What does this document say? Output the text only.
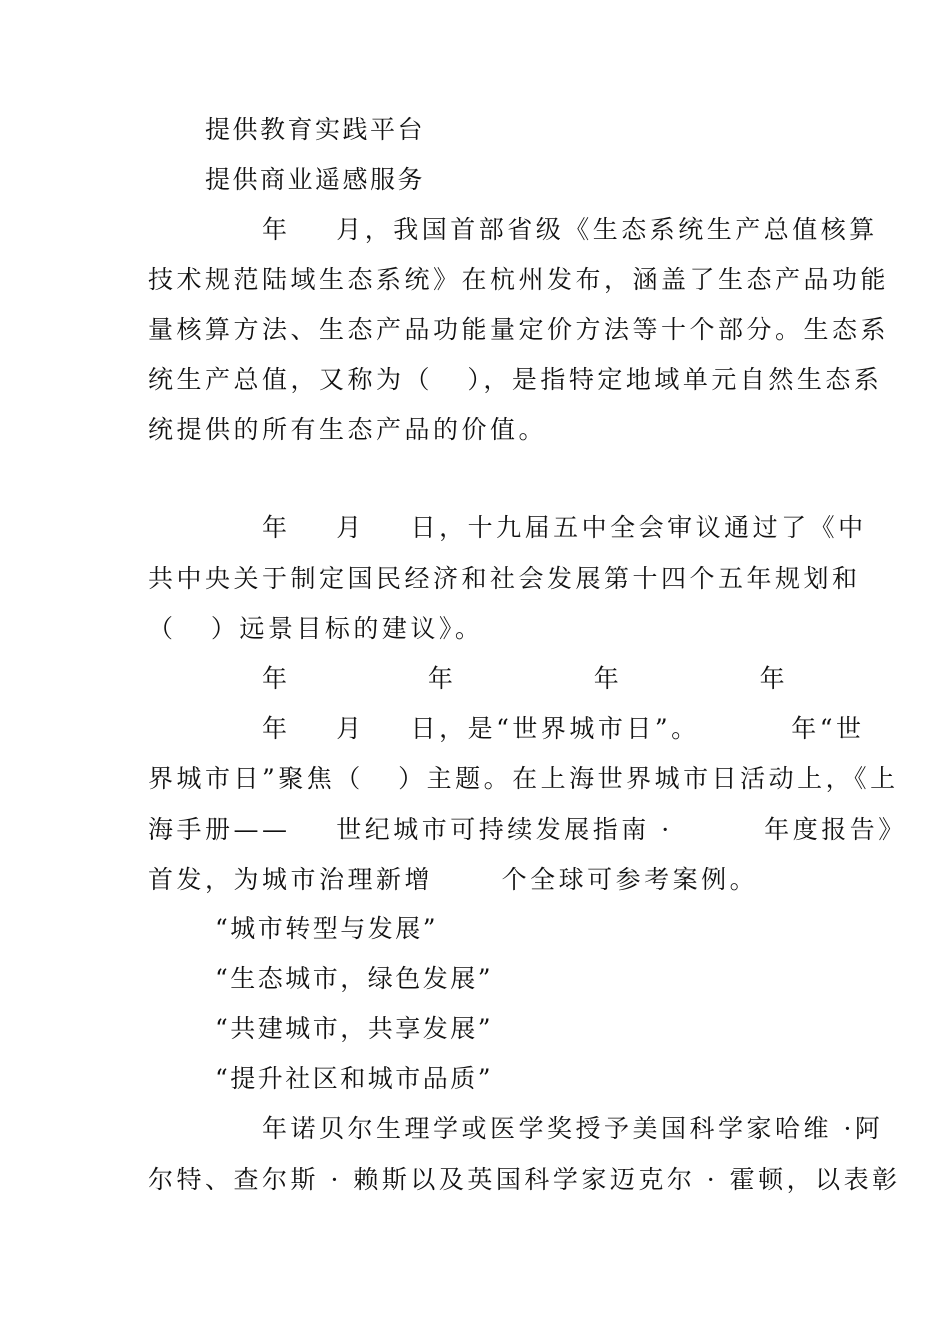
提供教育实践平台

提供商业遥感服务

年    月，我国首部省级《生态系统生产总值核算

技术规范陆域生态系统》在杭州发布，涵盖了生态产品功能

量核算方法、生态产品功能量定价方法等十个部分。生态系

统生产总值，又称为（   ），是指特定地域单元自然生态系

统提供的所有生态产品的价值。

年    月    日，十九届五中全会审议通过了《中

共中央关于制定国民经济和社会发展第十四个五年规划和

（   ）远景目标的建议》。

年            年            年            年

年    月    日，是“世界城市日”。        年“世

界城市日”聚焦（   ）主题。在上海世界城市日活动上，《上

海手册——    世纪城市可持续发展指南 ·        年度报告》

首发，为城市治理新增      个全球可参考案例。

“城市转型与发展”

“生态城市，绿色发展”

“共建城市，共享发展”

“提升社区和城市品质”

年诺贝尔生理学或医学奖授予美国科学家哈维 ·阿

尔特、查尔斯 · 赖斯以及英国科学家迈克尔 · 霍顿，以表彰
